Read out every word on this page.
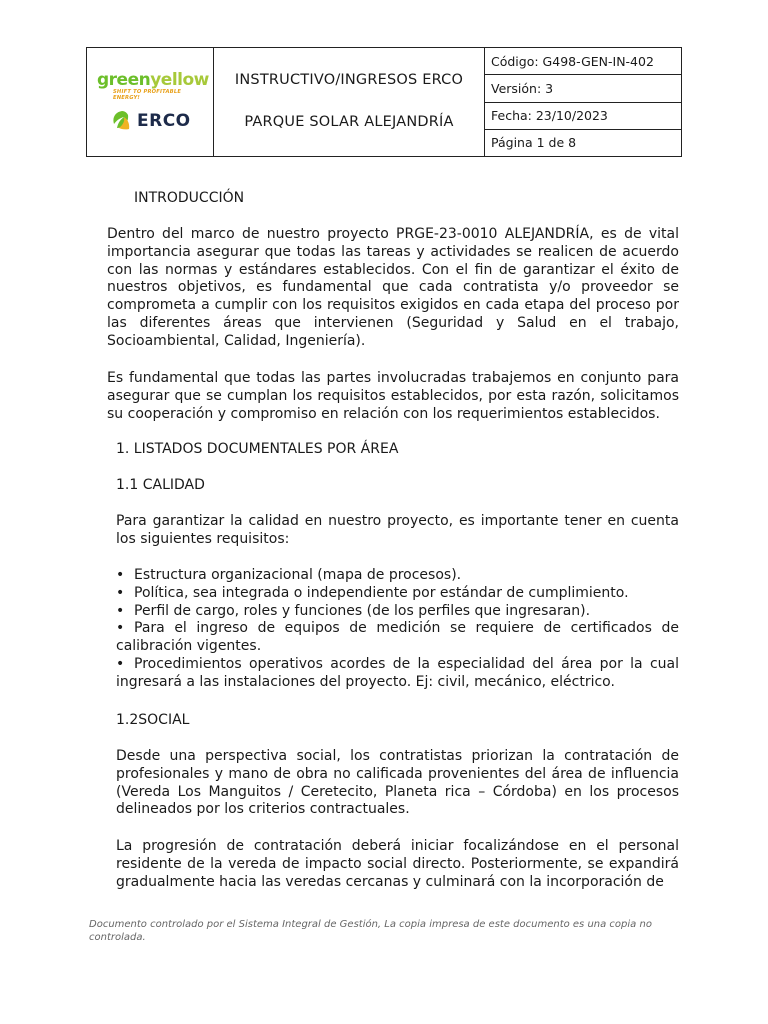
greenyellow
SHIFT TO PROFITABLE ENERGY!
ERCO
INSTRUCTIVO/INGRESOS ERCO
PARQUE SOLAR ALEJANDRÍA
Código: G498-GEN-IN-402
Versión: 3
Fecha: 23/10/2023
Página 1 de 8
INTRODUCCIÓN
Dentro del marco de nuestro proyecto PRGE-23-0010 ALEJANDRÍA, es de vital importancia asegurar que todas las tareas y actividades se realicen de acuerdo con las normas y estándares establecidos. Con el fin de garantizar el éxito de nuestros objetivos, es fundamental que cada contratista y/o proveedor se comprometa a cumplir con los requisitos exigidos en cada etapa del proceso por las diferentes áreas que intervienen (Seguridad y Salud en el trabajo, Socioambiental, Calidad, Ingeniería).
Es fundamental que todas las partes involucradas trabajemos en conjunto para asegurar que se cumplan los requisitos establecidos, por esta razón, solicitamos su cooperación y compromiso en relación con los requerimientos establecidos.
1. LISTADOS DOCUMENTALES POR ÁREA
1.1 CALIDAD
Para garantizar la calidad en nuestro proyecto, es importante tener en cuenta los siguientes requisitos:
• Estructura organizacional (mapa de procesos).
• Política, sea integrada o independiente por estándar de cumplimiento.
• Perfil de cargo, roles y funciones (de los perfiles que ingresaran).
• Para el ingreso de equipos de medición se requiere de certificados de calibración vigentes.
• Procedimientos operativos acordes de la especialidad del área por la cual ingresará a las instalaciones del proyecto. Ej: civil, mecánico, eléctrico.
1.2SOCIAL
Desde una perspectiva social, los contratistas priorizan la contratación de profesionales y mano de obra no calificada provenientes del área de influencia (Vereda Los Manguitos / Ceretecito, Planeta rica – Córdoba) en los procesos delineados por los criterios contractuales.
La progresión de contratación deberá iniciar focalizándose en el personal residente de la vereda de impacto social directo. Posteriormente, se expandirá gradualmente hacia las veredas cercanas y culminará con la incorporación de
Documento controlado por el Sistema Integral de Gestión, La copia impresa de este documento es una copia no controlada.
